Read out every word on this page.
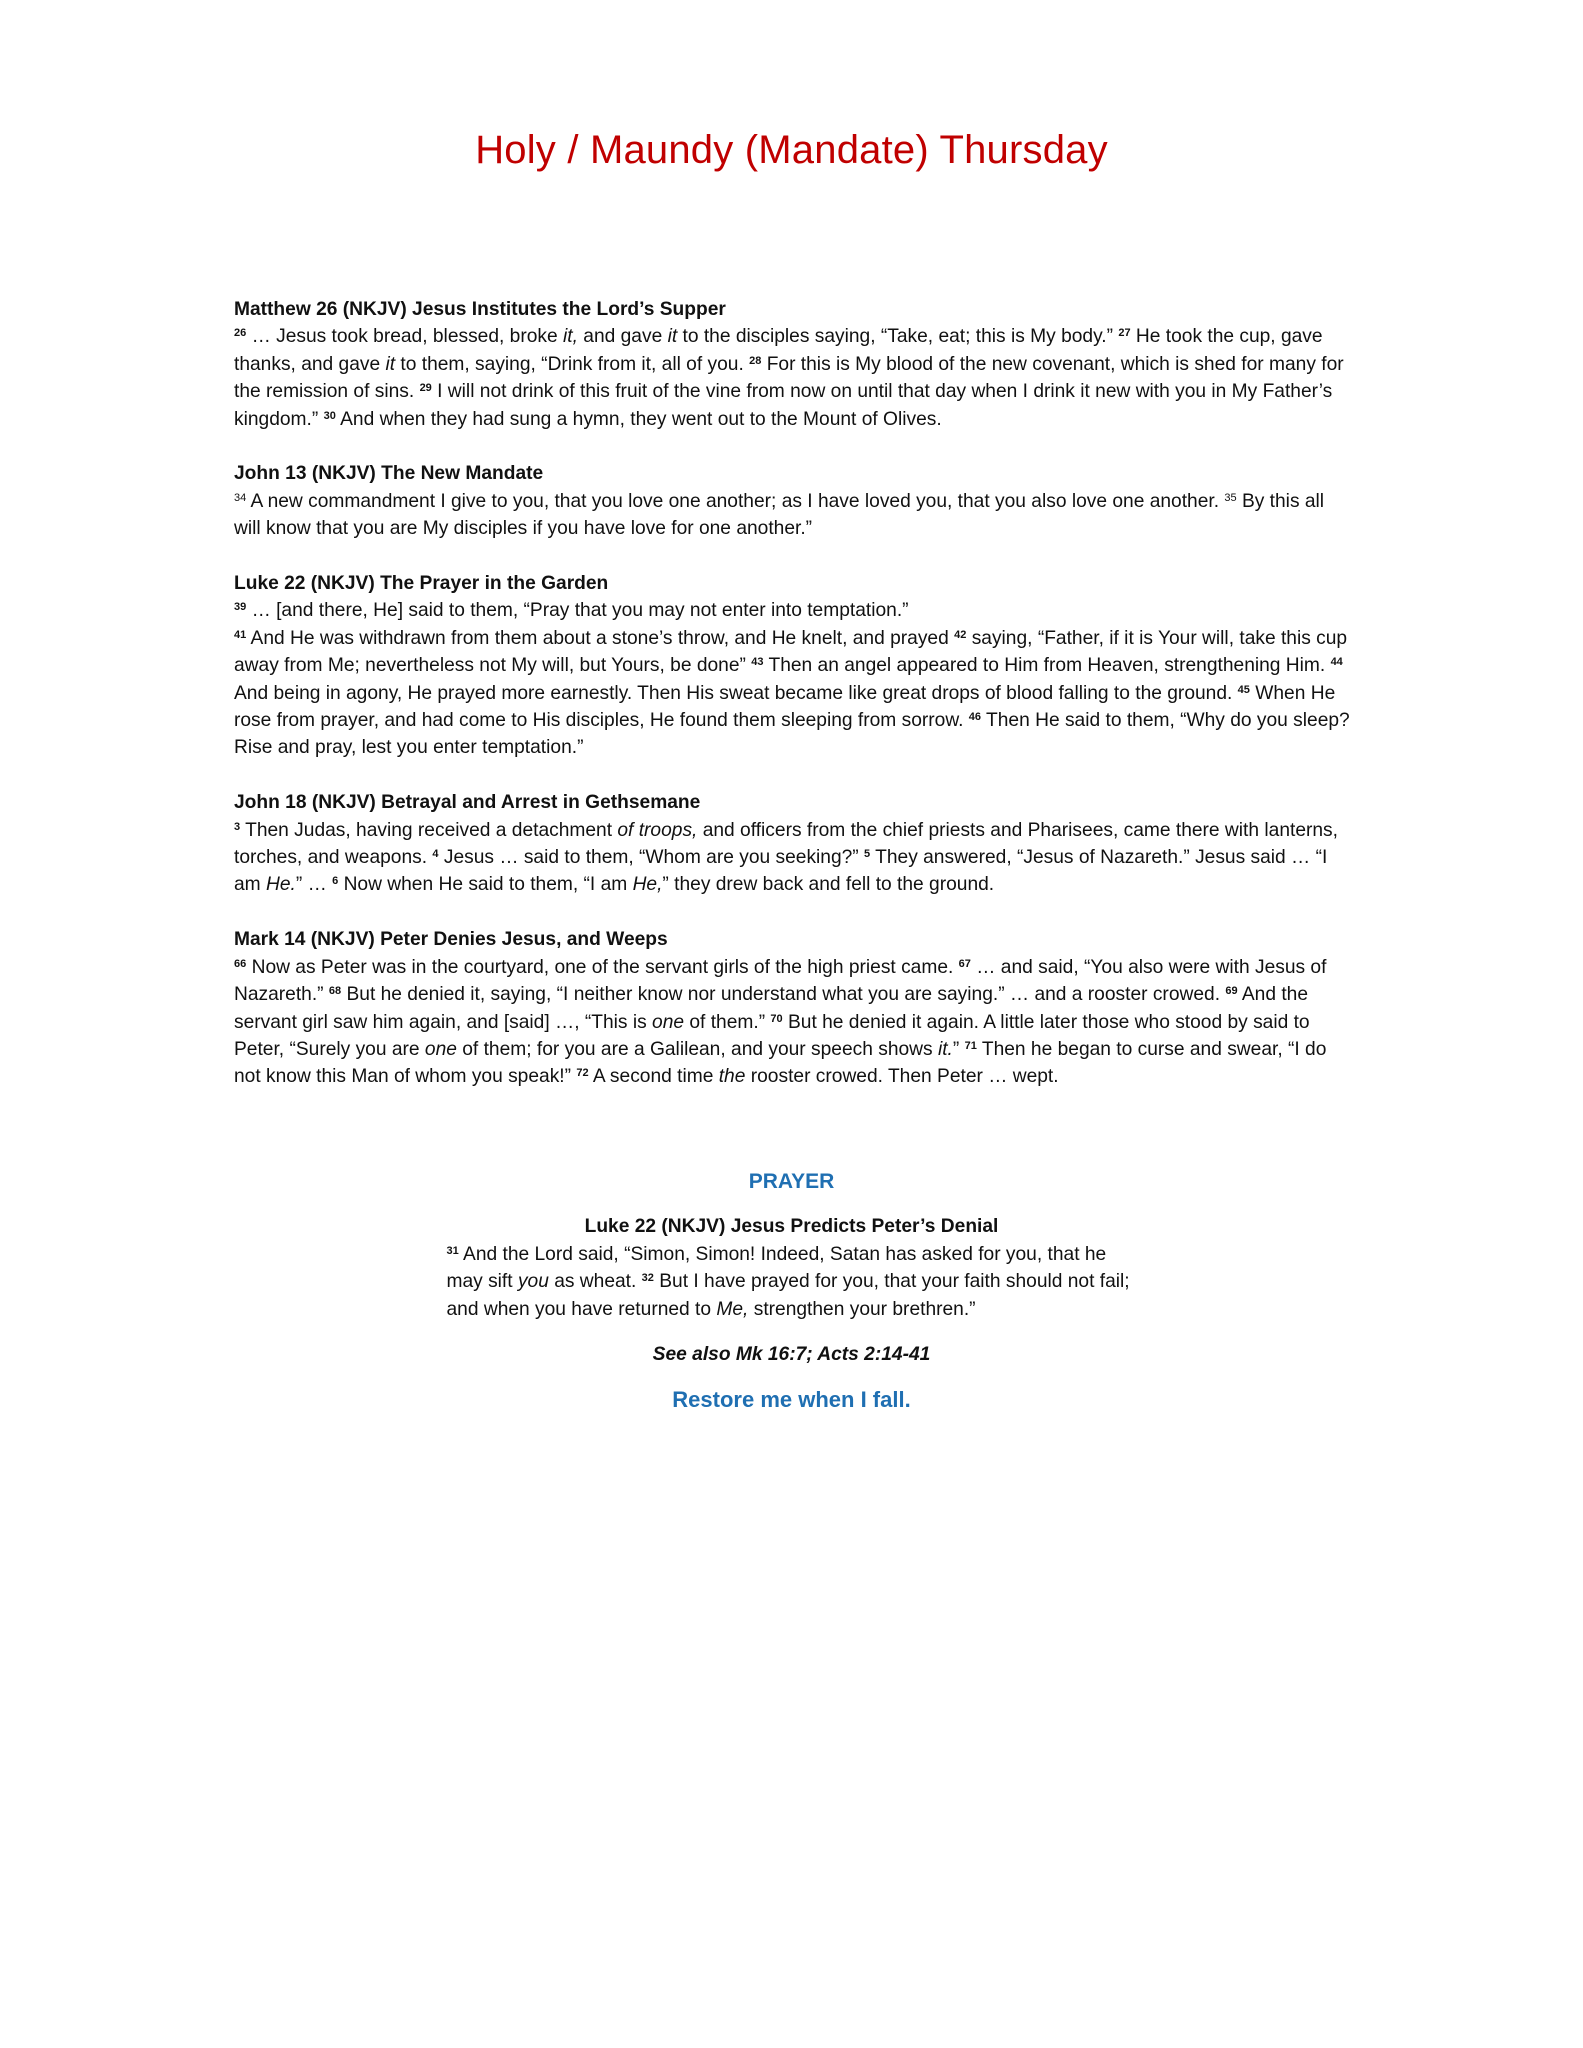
Holy / Maundy (Mandate) Thursday
Matthew 26 (NKJV) Jesus Institutes the Lord’s Supper
$^{26}$ … Jesus took bread, blessed, broke it, and gave it to the disciples saying, “Take, eat; this is My body.” $^{27}$ He took the cup, gave thanks, and gave it to them, saying, “Drink from it, all of you. $^{28}$ For this is My blood of the new covenant, which is shed for many for the remission of sins. $^{29}$ I will not drink of this fruit of the vine from now on until that day when I drink it new with you in My Father’s kingdom.” $^{30}$ And when they had sung a hymn, they went out to the Mount of Olives.
John 13 (NKJV) The New Mandate
$^{34}$ A new commandment I give to you, that you love one another; as I have loved you, that you also love one another. $^{35}$ By this all will know that you are My disciples if you have love for one another.”
Luke 22 (NKJV) The Prayer in the Garden
$^{39}$ … [and there, He] said to them, “Pray that you may not enter into temptation.”
$^{41}$ And He was withdrawn from them about a stone’s throw, and He knelt, and prayed $^{42}$ saying, “Father, if it is Your will, take this cup away from Me; nevertheless not My will, but Yours, be done” $^{43}$ Then an angel appeared to Him from Heaven, strengthening Him. $^{44}$ And being in agony, He prayed more earnestly. Then His sweat became like great drops of blood falling to the ground. $^{45}$ When He rose from prayer, and had come to His disciples, He found them sleeping from sorrow. $^{46}$ Then He said to them, “Why do you sleep? Rise and pray, lest you enter temptation.”
John 18 (NKJV) Betrayal and Arrest in Gethsemane
$^3$ Then Judas, having received a detachment of troops, and officers from the chief priests and Pharisees, came there with lanterns, torches, and weapons. $^4$ Jesus … said to them, “Whom are you seeking?” $^5$ They answered, “Jesus of Nazareth.” Jesus said … “I am He.” … $^6$ Now when He said to them, “I am He,” they drew back and fell to the ground.
Mark 14 (NKJV) Peter Denies Jesus, and Weeps
$^{66}$ Now as Peter was in the courtyard, one of the servant girls of the high priest came. $^{67}$ … and said, “You also were with Jesus of Nazareth.” $^{68}$ But he denied it, saying, “I neither know nor understand what you are saying.” … and a rooster crowed. $^{69}$ And the servant girl saw him again, and [said] …, “This is one of them.” $^{70}$ But he denied it again. A little later those who stood by said to Peter, “Surely you are one of them; for you are a Galilean, and your speech shows it.” $^{71}$ Then he began to curse and swear, “I do not know this Man of whom you speak!” $^{72}$ A second time the rooster crowed. Then Peter … wept.
PRAYER
Luke 22 (NKJV) Jesus Predicts Peter’s Denial
$^{31}$ And the Lord said, “Simon, Simon! Indeed, Satan has asked for you, that he may sift you as wheat. $^{32}$ But I have prayed for you, that your faith should not fail; and when you have returned to Me, strengthen your brethren.”
See also Mk 16:7; Acts 2:14-41
Restore me when I fall.
